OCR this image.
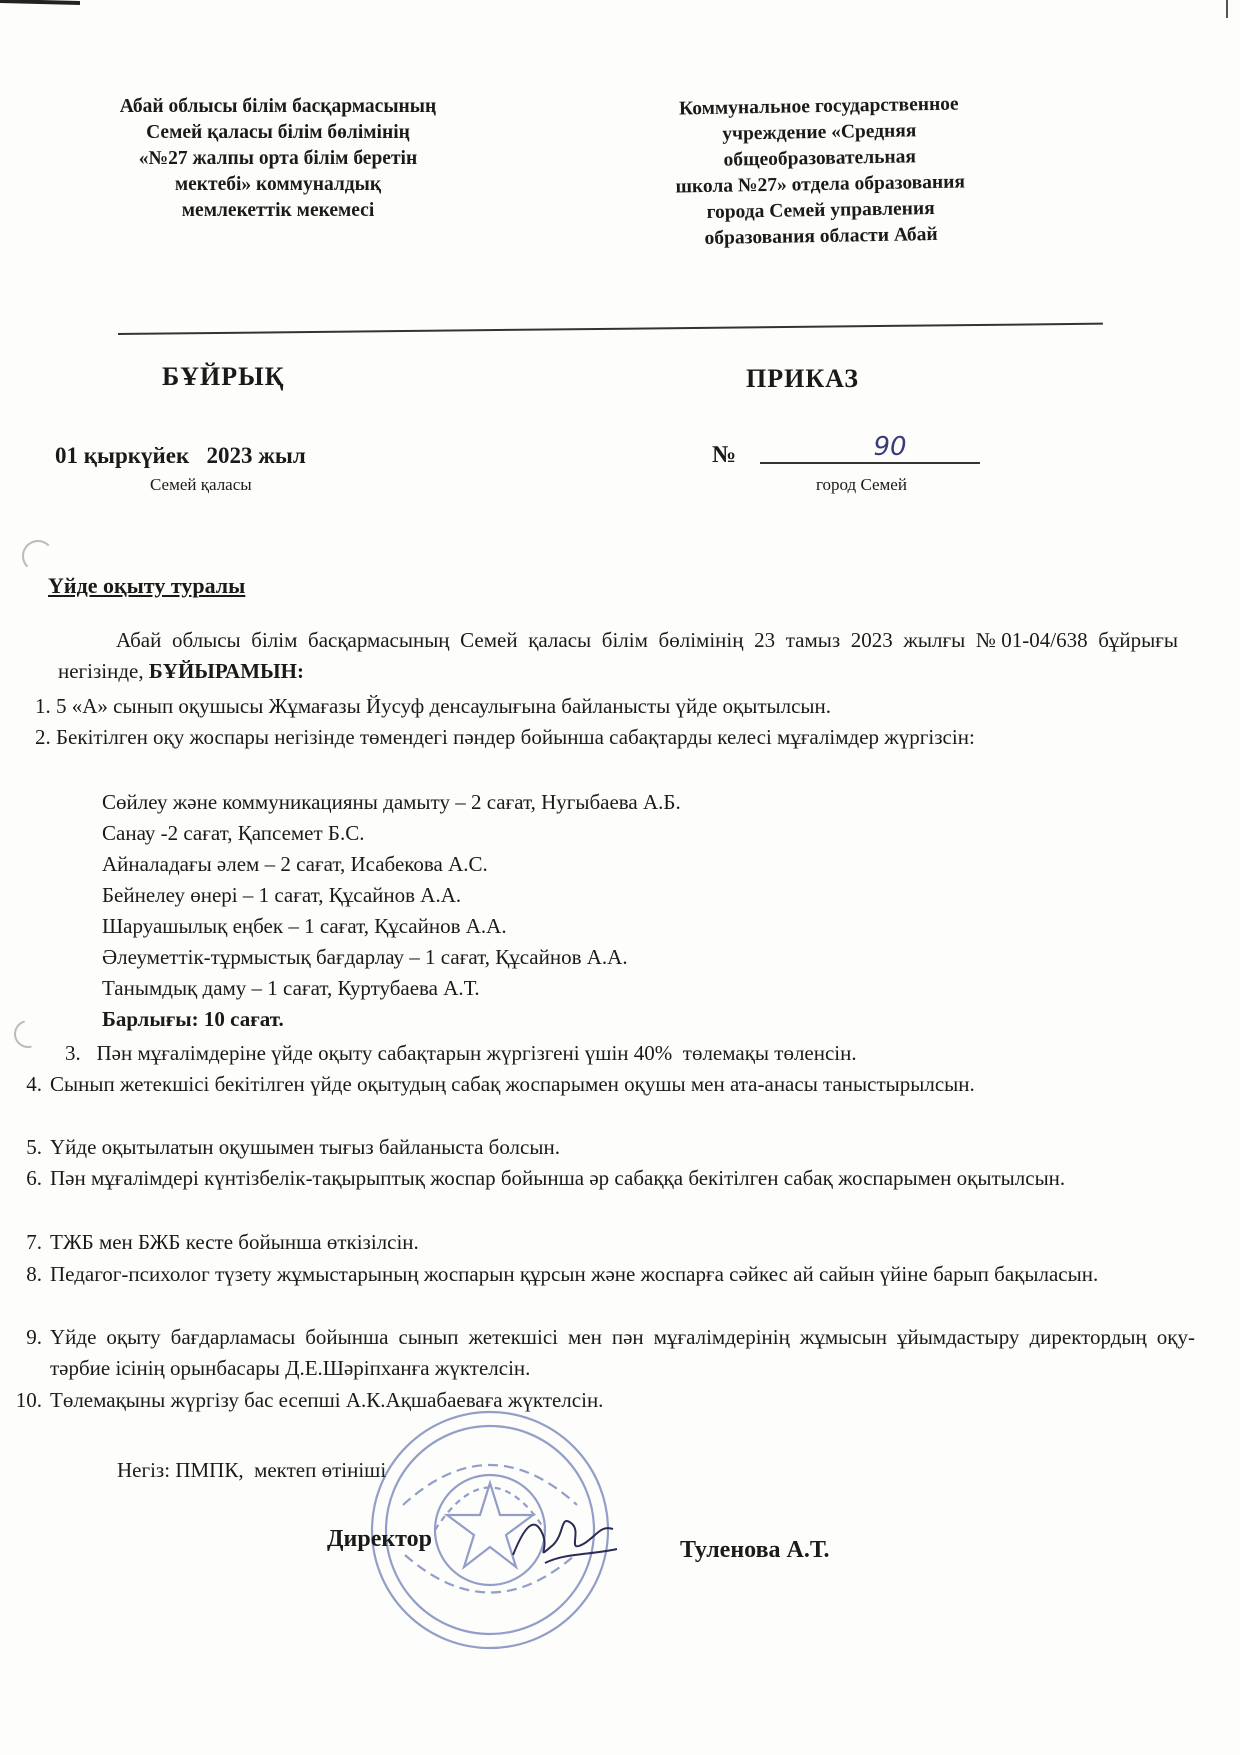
Абай облысы білім басқармасының
Семей қаласы білім бөлімінің
«№27 жалпы орта білім беретін
мектебі» коммуналдық
мемлекеттік мекемесі
Коммунальное государственное
учреждение «Средняя
общеобразовательная
школа №27» отдела образования
города Семей управления
образования области Абай
БҰЙРЫҚ	ПРИКАЗ
01 қыркүйек   2023 жыл
Семей қаласы
№	90
город Семей
Үйде оқыту туралы
Абай облысы білім басқармасының Семей қаласы білім бөлімінің 23 тамыз 2023 жылғы №01-04/638 бұйрығы негізінде, БҰЙЫРАМЫН:
1. 5 «А» сынып оқушысы Жұмағазы Йусуф денсаулығына байланысты үйде оқытылсын.
2. Бекітілген оқу жоспары негізінде төмендегі пәндер бойынша сабақтарды келесі мұғалімдер жүргізсін:
Сөйлеу және коммуникацияны дамыту – 2 сағат, Нугыбаева А.Б.
Санау -2 сағат, Қапсемет Б.С.
Айналадағы әлем – 2 сағат, Исабекова А.С.
Бейнелеу өнері – 1 сағат, Құсайнов А.А.
Шаруашылық еңбек – 1 сағат, Құсайнов А.А.
Әлеуметтік-тұрмыстық бағдарлау – 1 сағат, Құсайнов А.А.
Танымдық даму – 1 сағат, Куртубаева А.Т.
Барлығы: 10 сағат.
3.   Пән мұғалімдеріне үйде оқыту сабақтарын жүргізгені үшін 40%  төлемақы төленсін.
4. Сынып жетекшісі бекітілген үйде оқытудың сабақ жоспарымен оқушы мен ата-анасы таныстырылсын.
5. Үйде оқытылатын оқушымен тығыз байланыста болсын.
6. Пән мұғалімдері күнтізбелік-тақырыптық жоспар бойынша әр сабаққа бекітілген сабақ жоспарымен оқытылсын.
7. ТЖБ мен БЖБ кесте бойынша өткізілсін.
8. Педагог-психолог түзету жұмыстарының жоспарын құрсын және жоспарға сәйкес ай сайын үйіне барып бақыласын.
9. Үйде оқыту бағдарламасы бойынша сынып жетекшісі мен пән мұғалімдерінің жұмысын ұйымдастыру директордың оқу-тәрбие ісінің орынбасары Д.Е.Шәріпханға жүктелсін.
10. Төлемақыны жүргізу бас есепші А.К.Ақшабаеваға жүктелсін.
Негіз: ПМПК,  мектеп өтініші
Директор	Туленова А.Т.
